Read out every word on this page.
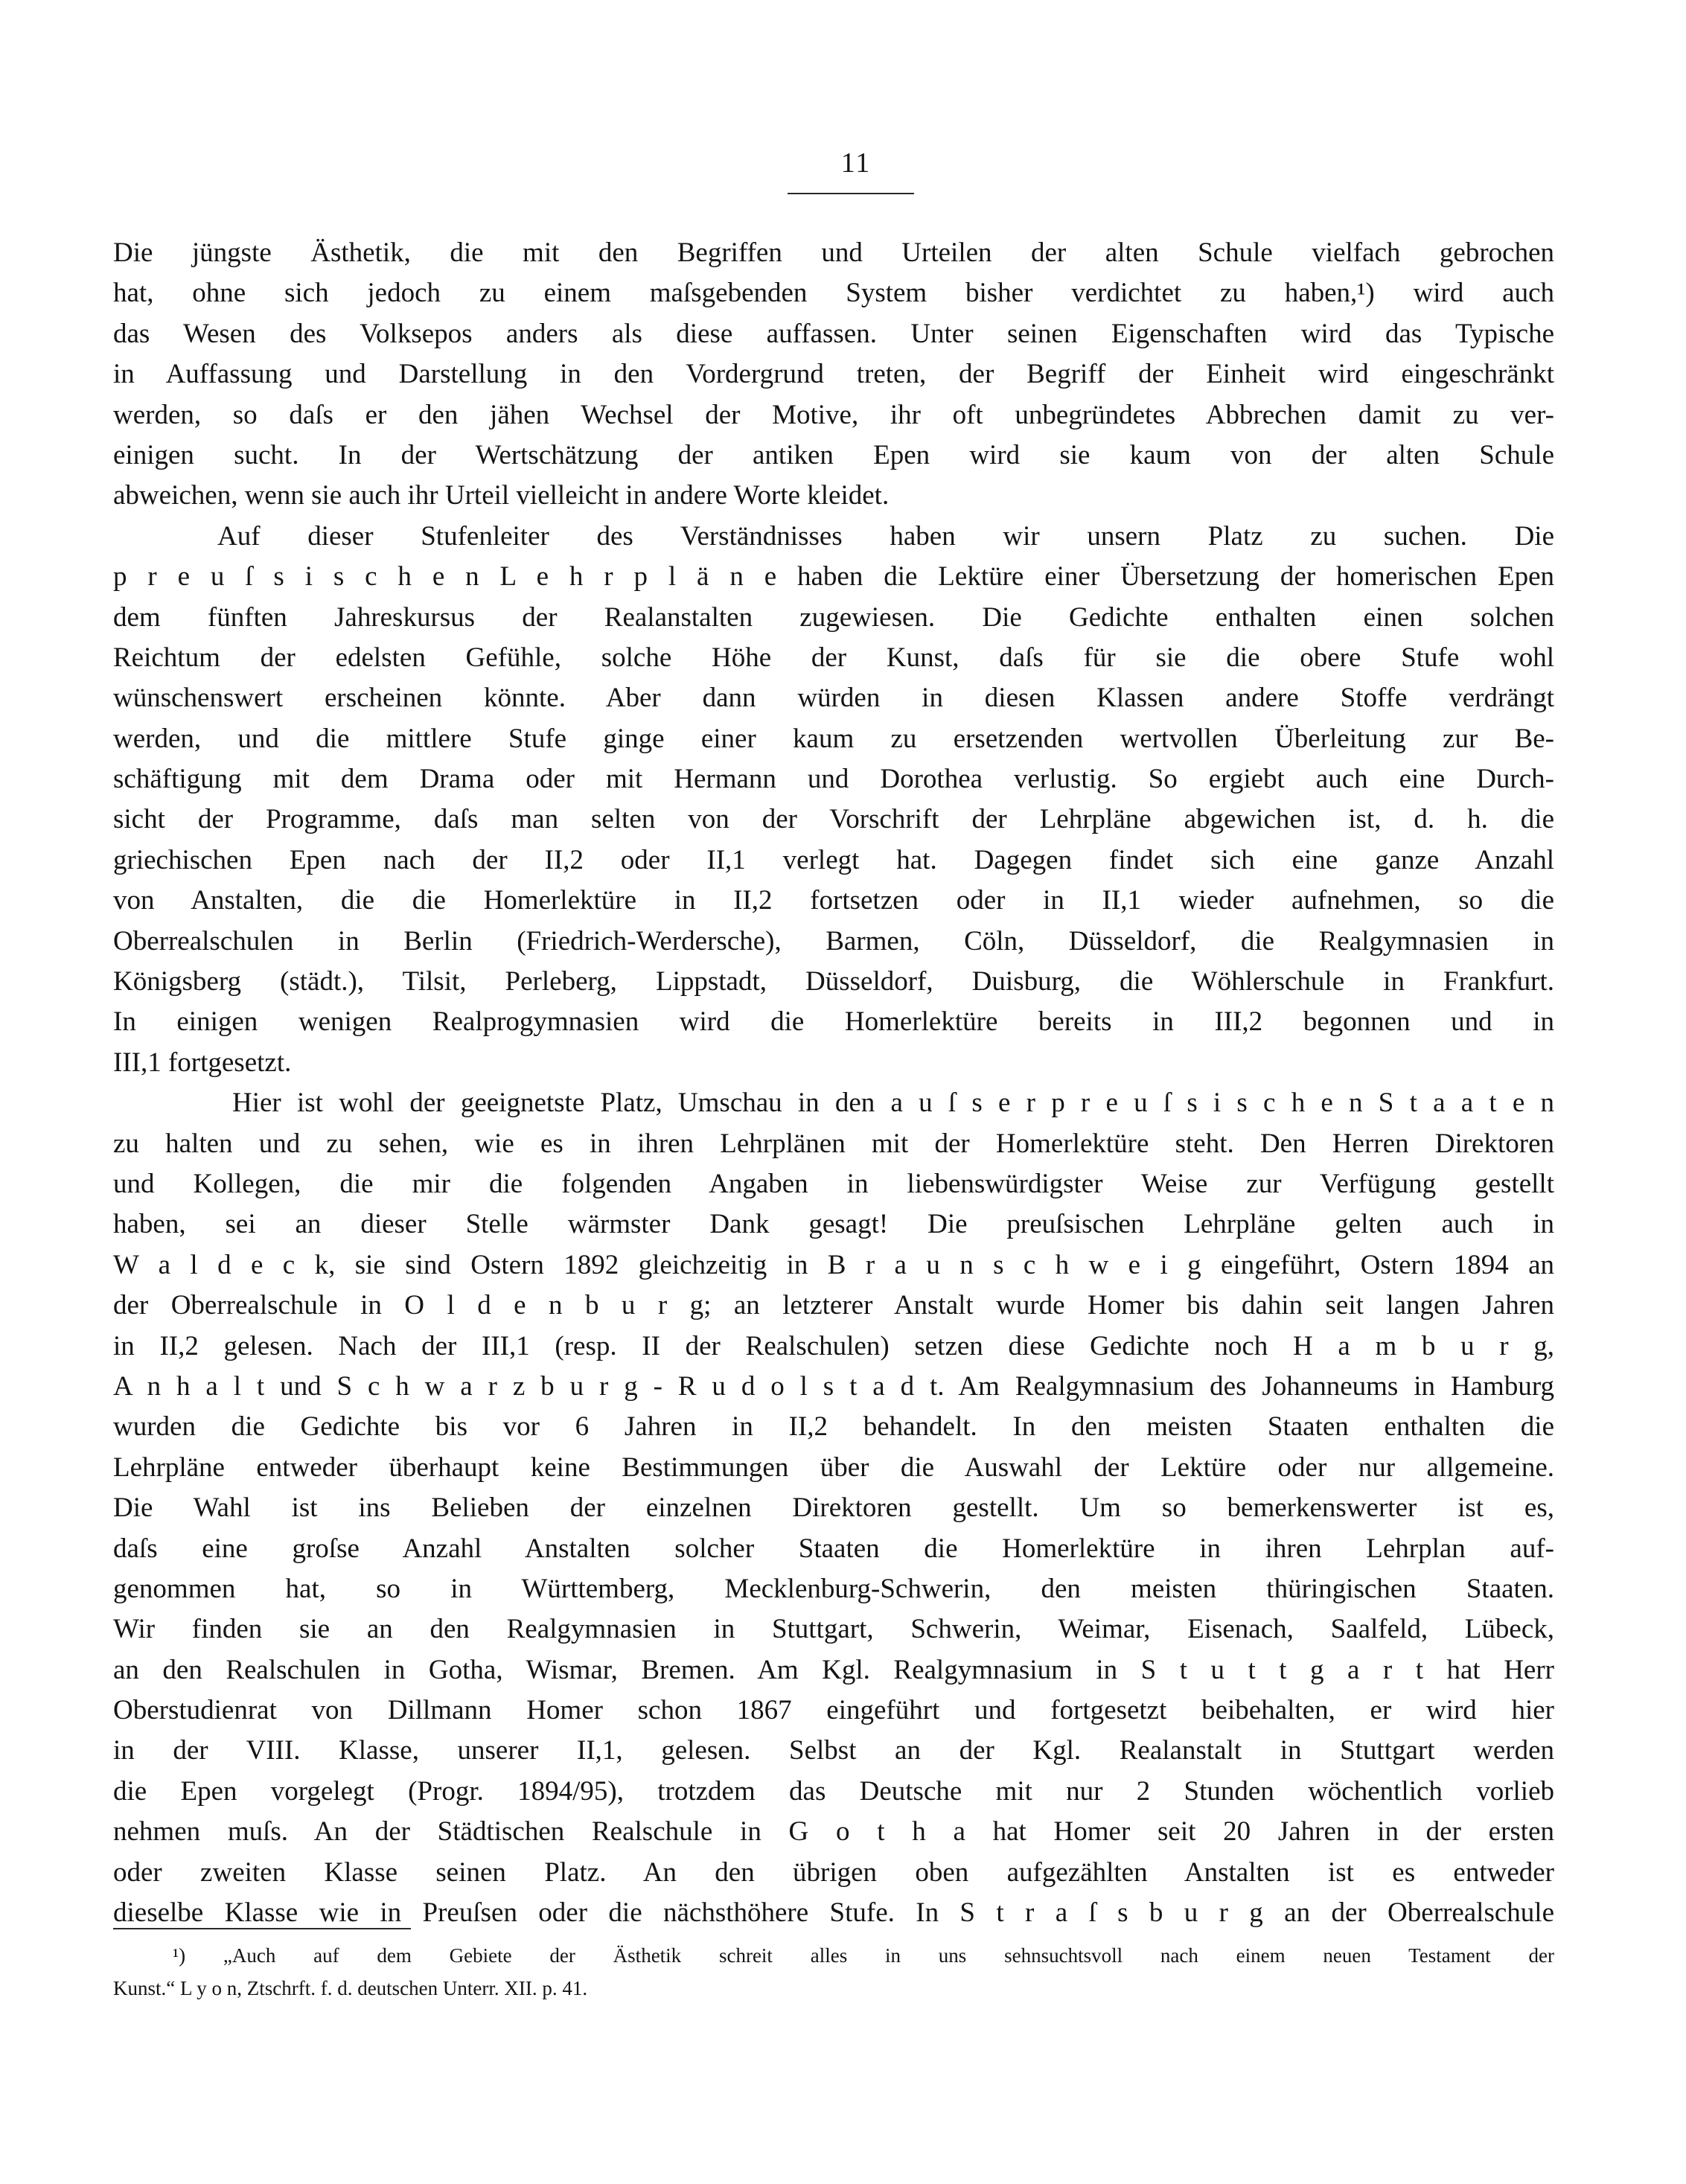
11
Die jüngste Ästhetik, die mit den Begriffen und Urteilen der alten Schule vielfach gebrochen
hat, ohne sich jedoch zu einem maſsgebenden System bisher verdichtet zu haben,¹) wird auch
das Wesen des Volksepos anders als diese auffassen. Unter seinen Eigenschaften wird das Typische
in Auffassung und Darstellung in den Vordergrund treten, der Begriff der Einheit wird eingeschränkt
werden, so daſs er den jähen Wechsel der Motive, ihr oft unbegründetes Abbrechen damit zu ver-
einigen sucht. In der Wertschätzung der antiken Epen wird sie kaum von der alten Schule
abweichen, wenn sie auch ihr Urteil vielleicht in andere Worte kleidet.
Auf dieser Stufenleiter des Verständnisses haben wir unsern Platz zu suchen. Die
p r e u ſ s i s c h e n L e h r p l ä n e haben die Lektüre einer Übersetzung der homerischen Epen
dem fünften Jahreskursus der Realanstalten zugewiesen. Die Gedichte enthalten einen solchen
Reichtum der edelsten Gefühle, solche Höhe der Kunst, daſs für sie die obere Stufe wohl
wünschenswert erscheinen könnte. Aber dann würden in diesen Klassen andere Stoffe verdrängt
werden, und die mittlere Stufe ginge einer kaum zu ersetzenden wertvollen Überleitung zur Be-
schäftigung mit dem Drama oder mit Hermann und Dorothea verlustig. So ergiebt auch eine Durch-
sicht der Programme, daſs man selten von der Vorschrift der Lehrpläne abgewichen ist, d. h. die
griechischen Epen nach der II,2 oder II,1 verlegt hat. Dagegen findet sich eine ganze Anzahl
von Anstalten, die die Homerlektüre in II,2 fortsetzen oder in II,1 wieder aufnehmen, so die
Oberrealschulen in Berlin (Friedrich-Werdersche), Barmen, Cöln, Düsseldorf, die Realgymnasien in
Königsberg (städt.), Tilsit, Perleberg, Lippstadt, Düsseldorf, Duisburg, die Wöhlerschule in Frankfurt.
In einigen wenigen Realprogymnasien wird die Homerlektüre bereits in III,2 begonnen und in
III,1 fortgesetzt.
Hier ist wohl der geeignetste Platz, Umschau in den a u ſ s e r p r e u ſ s i s c h e n S t a a t e n
zu halten und zu sehen, wie es in ihren Lehrplänen mit der Homerlektüre steht. Den Herren Direktoren
und Kollegen, die mir die folgenden Angaben in liebenswürdigster Weise zur Verfügung gestellt
haben, sei an dieser Stelle wärmster Dank gesagt! Die preuſsischen Lehrpläne gelten auch in
W a l d e c k, sie sind Ostern 1892 gleichzeitig in B r a u n s c h w e i g eingeführt, Ostern 1894 an
der Oberrealschule in O l d e n b u r g; an letzterer Anstalt wurde Homer bis dahin seit langen Jahren
in II,2 gelesen. Nach der III,1 (resp. II der Realschulen) setzen diese Gedichte noch H a m b u r g,
A n h a l t und S c h w a r z b u r g - R u d o l s t a d t. Am Realgymnasium des Johanneums in Hamburg
wurden die Gedichte bis vor 6 Jahren in II,2 behandelt. In den meisten Staaten enthalten die
Lehrpläne entweder überhaupt keine Bestimmungen über die Auswahl der Lektüre oder nur allgemeine.
Die Wahl ist ins Belieben der einzelnen Direktoren gestellt. Um so bemerkenswerter ist es,
daſs eine groſse Anzahl Anstalten solcher Staaten die Homerlektüre in ihren Lehrplan auf-
genommen hat, so in Württemberg, Mecklenburg-Schwerin, den meisten thüringischen Staaten.
Wir finden sie an den Realgymnasien in Stuttgart, Schwerin, Weimar, Eisenach, Saalfeld, Lübeck,
an den Realschulen in Gotha, Wismar, Bremen. Am Kgl. Realgymnasium in S t u t t g a r t hat Herr
Oberstudienrat von Dillmann Homer schon 1867 eingeführt und fortgesetzt beibehalten, er wird hier
in der VIII. Klasse, unserer II,1, gelesen. Selbst an der Kgl. Realanstalt in Stuttgart werden
die Epen vorgelegt (Progr. 1894/95), trotzdem das Deutsche mit nur 2 Stunden wöchentlich vorlieb
nehmen muſs. An der Städtischen Realschule in G o t h a hat Homer seit 20 Jahren in der ersten
oder zweiten Klasse seinen Platz. An den übrigen oben aufgezählten Anstalten ist es entweder
dieselbe Klasse wie in Preuſsen oder die nächsthöhere Stufe. In S t r a ſ s b u r g an der Oberrealschule
¹) „Auch auf dem Gebiete der Ästhetik schreit alles in uns sehnsuchtsvoll nach einem neuen Testament der
Kunst.“ L y o n, Ztschrft. f. d. deutschen Unterr. XII. p. 41.
